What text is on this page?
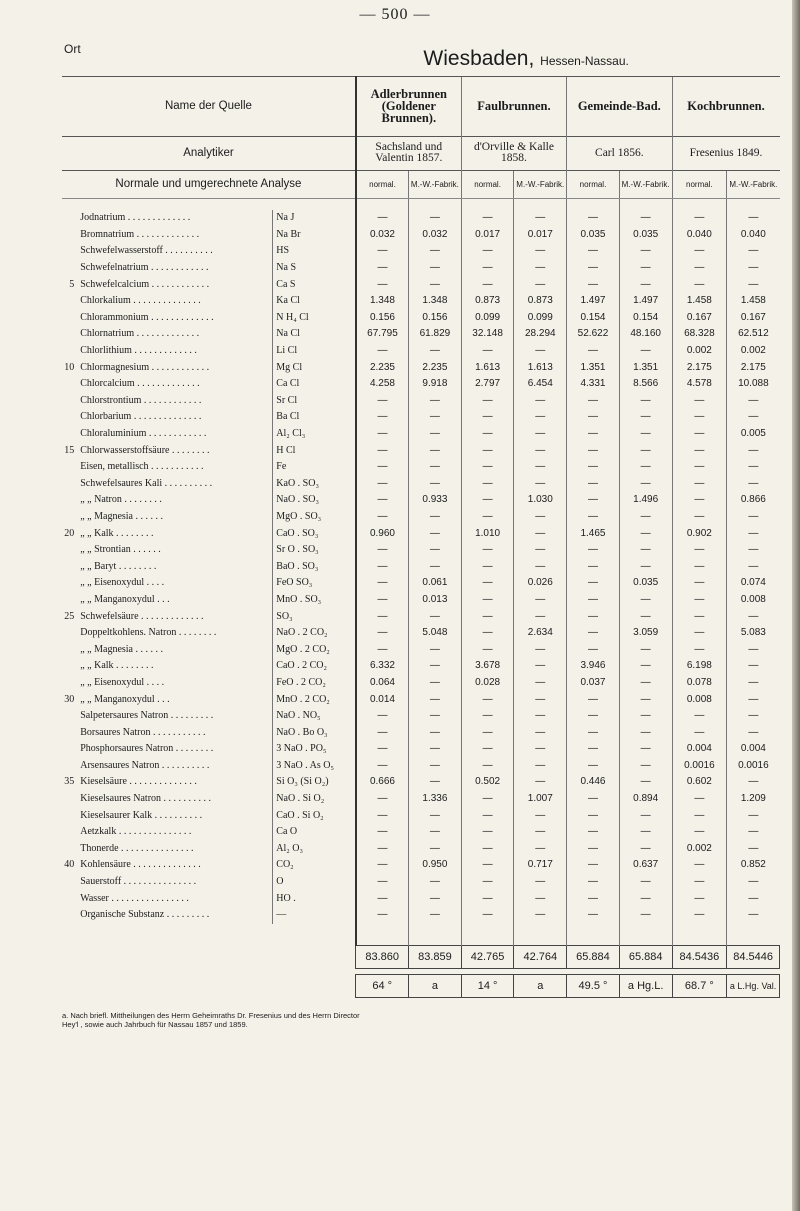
— 500 —
Ort		Wiesbaden, Hessen-Nassau.								
Name der Quelle			Adlerbrunnen (Goldener Brunnen).		Faulbrunnen.		Gemeinde-Bad.		Kochbrunnen.	
Analytiker			Sachsland und Valentin 1857.		d'Orville & Kalle 1858.		Carl 1856.		Fresenius 1849.	
Normale und umgerechnete Analyse			normal.	M.-W.-Fabrik.	normal.	M.-W.-Fabrik.	normal.	M.-W.-Fabrik.	normal.	M.-W.-Fabrik.

	Jodnatrium . . . . . . . . . . . . .	Na J	—	—	—	—	—	—	—	—
	Bromnatrium . . . . . . . . . . . . .	Na Br	0.032	0.032	0.017	0.017	0.035	0.035	0.040	0.040
	Schwefelwasserstoff . . . . . . . . . .	HS	—	—	—	—	—	—	—	—
	Schwefelnatrium . . . . . . . . . . . .	Na S	—	—	—	—	—	—	—	—
5	Schwefelcalcium . . . . . . . . . . . .	Ca S	—	—	—	—	—	—	—	—
	Chlorkalium . . . . . . . . . . . . . .	Ka Cl	1.348	1.348	0.873	0.873	1.497	1.497	1.458	1.458
	Chlorammonium . . . . . . . . . . . . .	N H₄ Cl	0.156	0.156	0.099	0.099	0.154	0.154	0.167	0.167
	Chlornatrium . . . . . . . . . . . . .	Na Cl	67.795	61.829	32.148	28.294	52.622	48.160	68.328	62.512
	Chlorlithium . . . . . . . . . . . . .	Li Cl	—	—	—	—	—	—	0.002	0.002
10	Chlormagnesium . . . . . . . . . . . .	Mg Cl	2.235	2.235	1.613	1.613	1.351	1.351	2.175	2.175
	Chlorcalcium . . . . . . . . . . . . .	Ca Cl	4.258	9.918	2.797	6.454	4.331	8.566	4.578	10.088
	Chlorstrontium . . . . . . . . . . . .	Sr Cl	—	—	—	—	—	—	—	—
	Chlorbarium . . . . . . . . . . . . . .	Ba Cl	—	—	—	—	—	—	—	—
	Chloraluminium . . . . . . . . . . . .	Al₂ Cl₃	—	—	—	—	—	—	—	0.005
15	Chlorwasserstoffsäure . . . . . . . .	H Cl	—	—	—	—	—	—	—	—
	Eisen, metallisch . . . . . . . . . . .	Fe	—	—	—	—	—	—	—	—
	Schwefelsaures Kali . . . . . . . . . .	KaO . SO₃	—	—	—	—	—	—	—	—
	„ „ Natron . . . . . . . .	NaO . SO₃	—	0.933	—	1.030	—	1.496	—	0.866
	„ „ Magnesia . . . . . .	MgO . SO₃	—	—	—	—	—	—	—	—
20	„ „ Kalk . . . . . . . .	CaO . SO₃	0.960	—	1.010	—	1.465	—	0.902	—
	„ „ Strontian . . . . . .	Sr O . SO₃	—	—	—	—	—	—	—	—
	„ „ Baryt . . . . . . . .	BaO . SO₃	—	—	—	—	—	—	—	—
	„ „ Eisenoxydul . . . .	FeO SO₃	—	0.061	—	0.026	—	0.035	—	0.074
	„ „ Manganoxydul . . .	MnO . SO₃	—	0.013	—	—	—	—	—	0.008
25	Schwefelsäure . . . . . . . . . . . . .	SO₃	—	—	—	—	—	—	—	—
	Doppeltkohlens. Natron . . . . . . . .	NaO . 2 CO₂	—	5.048	—	2.634	—	3.059	—	5.083
	„ „ Magnesia . . . . . .	MgO . 2 CO₂	—	—	—	—	—	—	—	—
	„ „ Kalk . . . . . . . .	CaO . 2 CO₂	6.332	—	3.678	—	3.946	—	6.198	—
	„ „ Eisenoxydul . . . .	FeO . 2 CO₂	0.064	—	0.028	—	0.037	—	0.078	—
30	„ „ Manganoxydul . . .	MnO . 2 CO₂	0.014	—	—	—	—	—	0.008	—
	Salpetersaures Natron . . . . . . . . .	NaO . NO₅	—	—	—	—	—	—	—	—
	Borsaures Natron . . . . . . . . . . .	NaO . Bo O₃	—	—	—	—	—	—	—	—
	Phosphorsaures Natron . . . . . . . .	3 NaO . PO₅	—	—	—	—	—	—	0.004	0.004
	Arsensaures Natron . . . . . . . . . .	3 NaO . As O₅	—	—	—	—	—	—	0.0016	0.0016
35	Kieselsäure . . . . . . . . . . . . . .	Si O₃ (Si O₂)	0.666	—	0.502	—	0.446	—	0.602	—
	Kieselsaures Natron . . . . . . . . . .	NaO . Si O₂	—	1.336	—	1.007	—	0.894	—	1.209
	Kieselsaurer Kalk . . . . . . . . . .	CaO . Si O₂	—	—	—	—	—	—	—	—
	Aetzkalk . . . . . . . . . . . . . . .	Ca O	—	—	—	—	—	—	—	—
	Thonerde . . . . . . . . . . . . . . .	Al₂ O₃	—	—	—	—	—	—	0.002	—
40	Kohlensäure . . . . . . . . . . . . . .	CO₂	—	0.950	—	0.717	—	0.637	—	0.852
	Sauerstoff . . . . . . . . . . . . . . .	O	—	—	—	—	—	—	—	—
	Wasser . . . . . . . . . . . . . . . .	HO .	—	—	—	—	—	—	—	—
	Organische Substanz . . . . . . . . .	—	—	—	—	—	—	—	—	—

			83.860	83.859	42.765	42.764	65.884	65.884	84.5436	84.5446

			64 °	a	14 °	a	49.5 °	a Hg.L.	68.7 °	a L.Hg. Val.
a. Nach briefl. Mittheilungen des Herrn Geheimraths Dr. Fresenius und des Herrn Director Hey'l , sowie auch Jahrbuch für Nassau 1857 und 1859.
